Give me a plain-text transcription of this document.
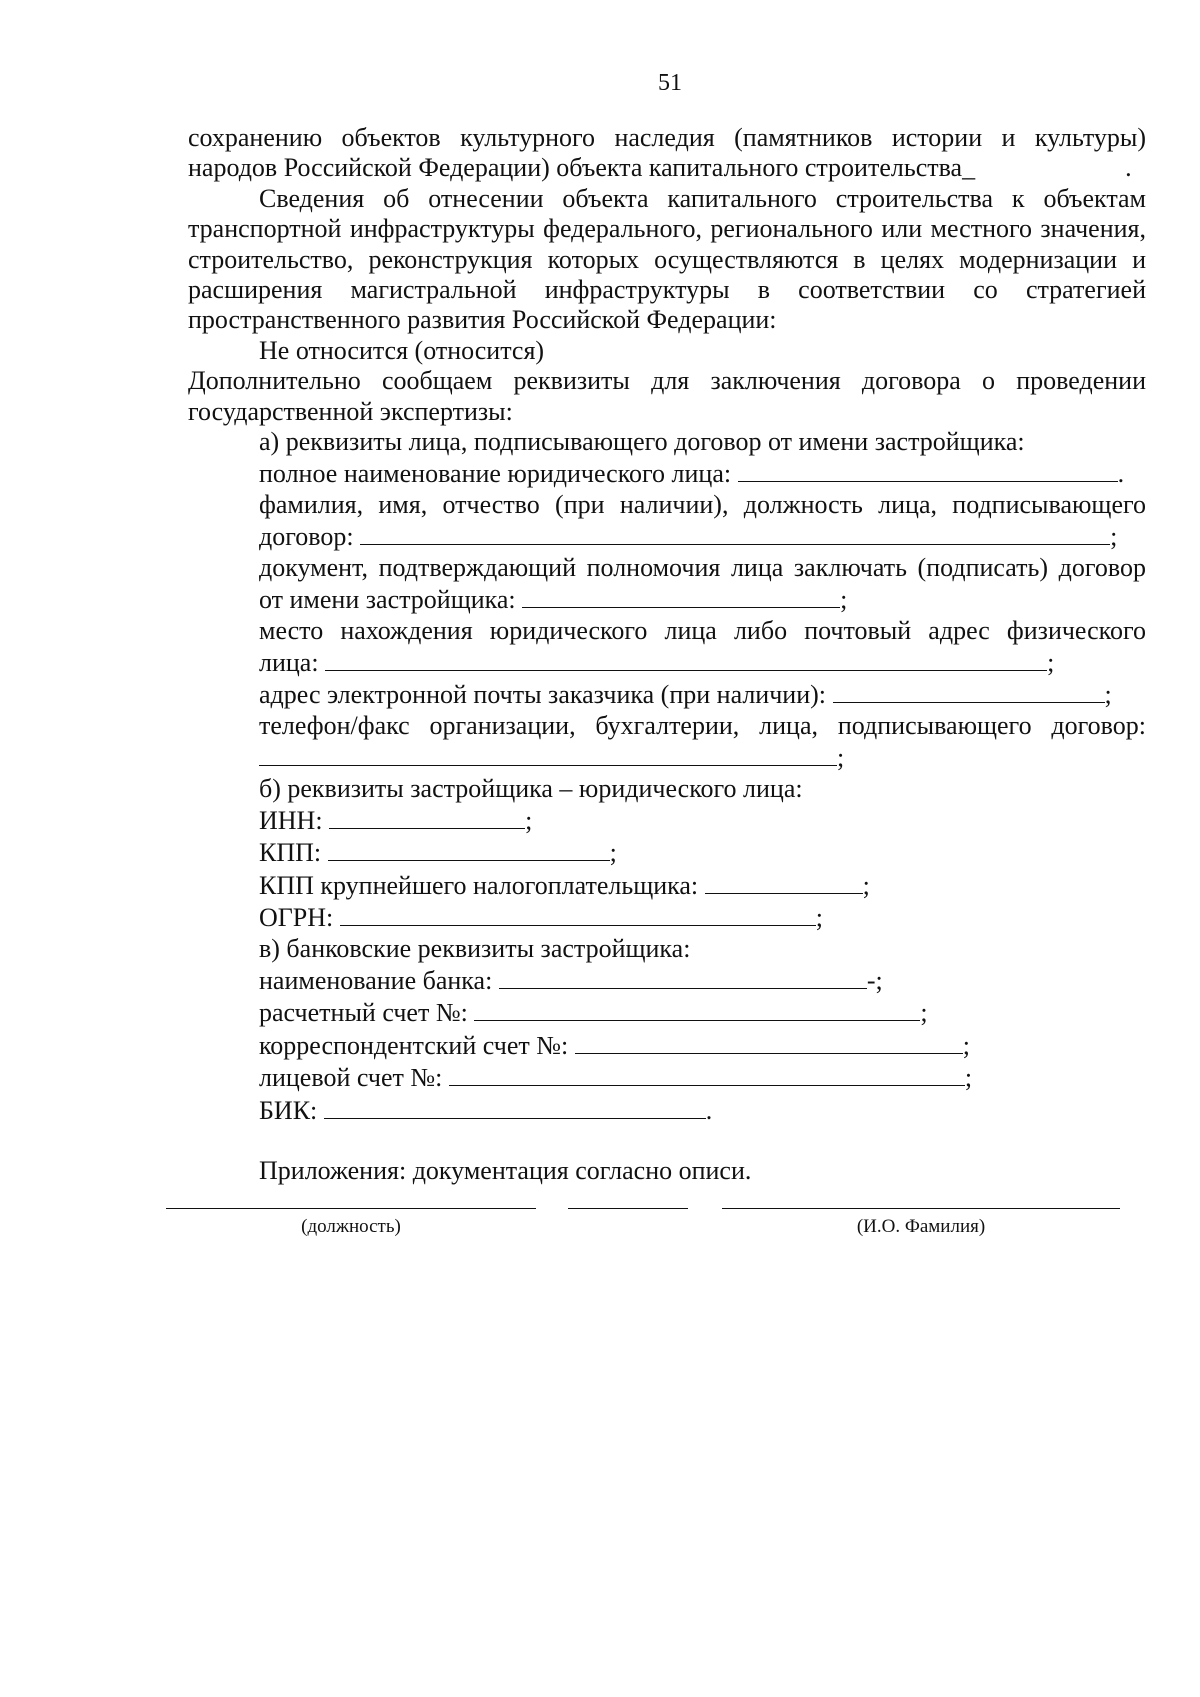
51

сохранению объектов культурного наследия (памятников истории и культуры)

народов Российской Федерации) объекта капитального строительства_	.

Сведения об отнесении объекта капитального строительства к объектам транспортной инфраструктуры федерального, регионального или местного значения, строительство, реконструкция которых осуществляются в целях модернизации и расширения магистральной инфраструктуры в соответствии со стратегией пространственного развития Российской Федерации:

Не относится (относится)

Дополнительно сообщаем реквизиты для заключения договора о проведении государственной экспертизы:

а) реквизиты лица, подписывающего договор от имени застройщика:

полное наименование юридического лица:	.

фамилия, имя, отчество (при наличии), должность лица, подписывающего

договор:	;

документ, подтверждающий полномочия лица заключать (подписать) договор

от имени застройщика:	;

место нахождения юридического лица либо почтовый адрес физического

лица:	;

адрес электронной почты заказчика (при наличии):	;

телефон/факс организации, бухгалтерии, лица, подписывающего договор:

;

б) реквизиты застройщика – юридического лица:

ИНН:	;

КПП:	;

КПП крупнейшего налогоплательщика:	;

ОГРН:	;

в) банковские реквизиты застройщика:

наименование банка:	-;

расчетный счет №:	;

корреспондентский счет №:	;

лицевой счет №:	;

БИК:	.

Приложения: документация согласно описи.

(должность)	(И.О. Фамилия)
